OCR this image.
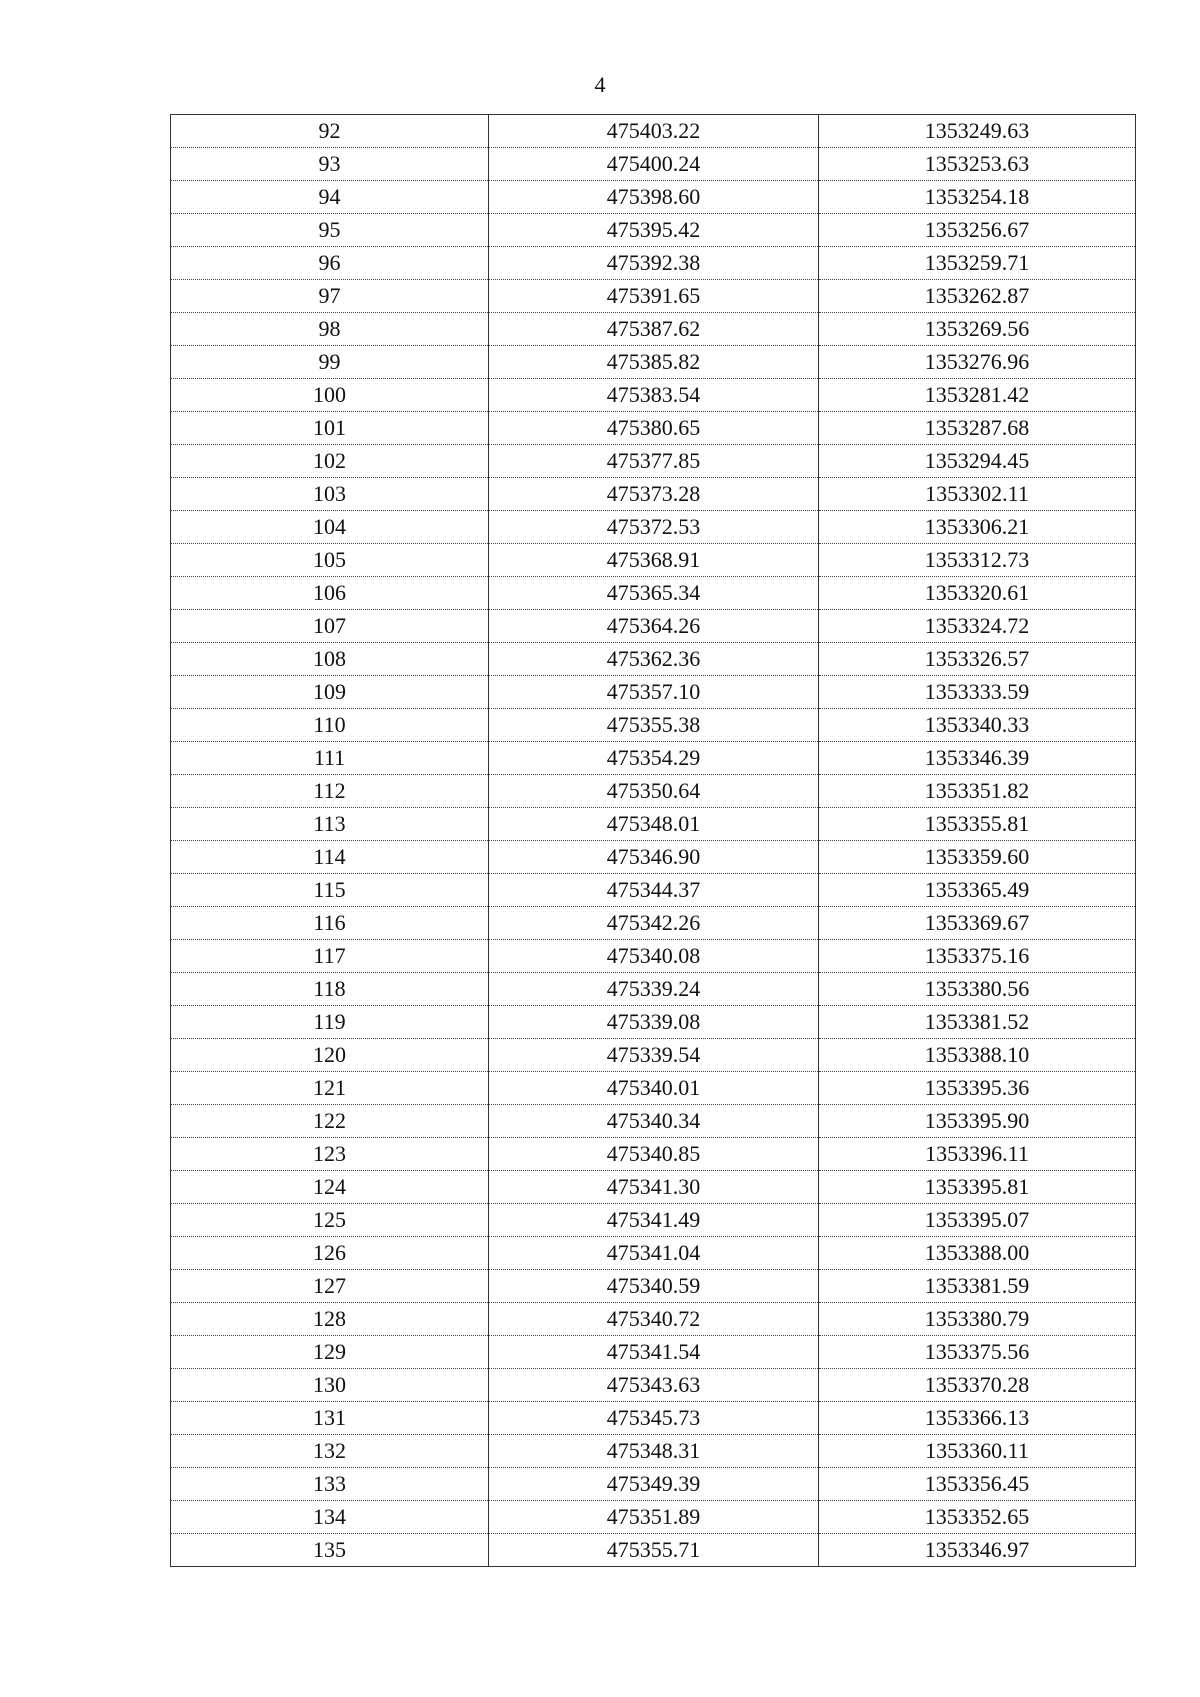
4
92	475403.22	1353249.63
93	475400.24	1353253.63
94	475398.60	1353254.18
95	475395.42	1353256.67
96	475392.38	1353259.71
97	475391.65	1353262.87
98	475387.62	1353269.56
99	475385.82	1353276.96
100	475383.54	1353281.42
101	475380.65	1353287.68
102	475377.85	1353294.45
103	475373.28	1353302.11
104	475372.53	1353306.21
105	475368.91	1353312.73
106	475365.34	1353320.61
107	475364.26	1353324.72
108	475362.36	1353326.57
109	475357.10	1353333.59
110	475355.38	1353340.33
111	475354.29	1353346.39
112	475350.64	1353351.82
113	475348.01	1353355.81
114	475346.90	1353359.60
115	475344.37	1353365.49
116	475342.26	1353369.67
117	475340.08	1353375.16
118	475339.24	1353380.56
119	475339.08	1353381.52
120	475339.54	1353388.10
121	475340.01	1353395.36
122	475340.34	1353395.90
123	475340.85	1353396.11
124	475341.30	1353395.81
125	475341.49	1353395.07
126	475341.04	1353388.00
127	475340.59	1353381.59
128	475340.72	1353380.79
129	475341.54	1353375.56
130	475343.63	1353370.28
131	475345.73	1353366.13
132	475348.31	1353360.11
133	475349.39	1353356.45
134	475351.89	1353352.65
135	475355.71	1353346.97
